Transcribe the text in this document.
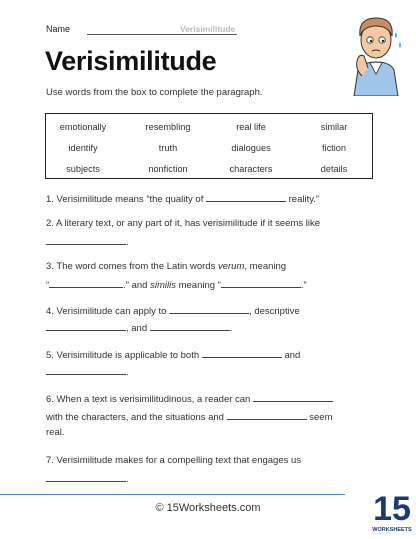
Name	Verisimilitude
Verisimilitude
Use words from the box to complete the paragraph.
emotionally	resembling	real life	similar
identify	truth	dialogues	fiction
subjects	nonfiction	characters	details
1. Verisimilitude means “the quality of	reality.”
2. A literary text, or any part of it, has verisimilitude if it seems like
.
3. The word comes from the Latin words verum, meaning
“	.” and similis meaning “	.”
4. Verisimilitude can apply to	, descriptive
, and	.
5. Verisimilitude is applicable to both	and
.
6. When a text is verisimilitudinous, a reader can
with the characters, and the situations and	seem
real.
7. Verisimilitude makes for a compelling text that engages us
.
© 15Worksheets.com	15
WORKSHEETS
